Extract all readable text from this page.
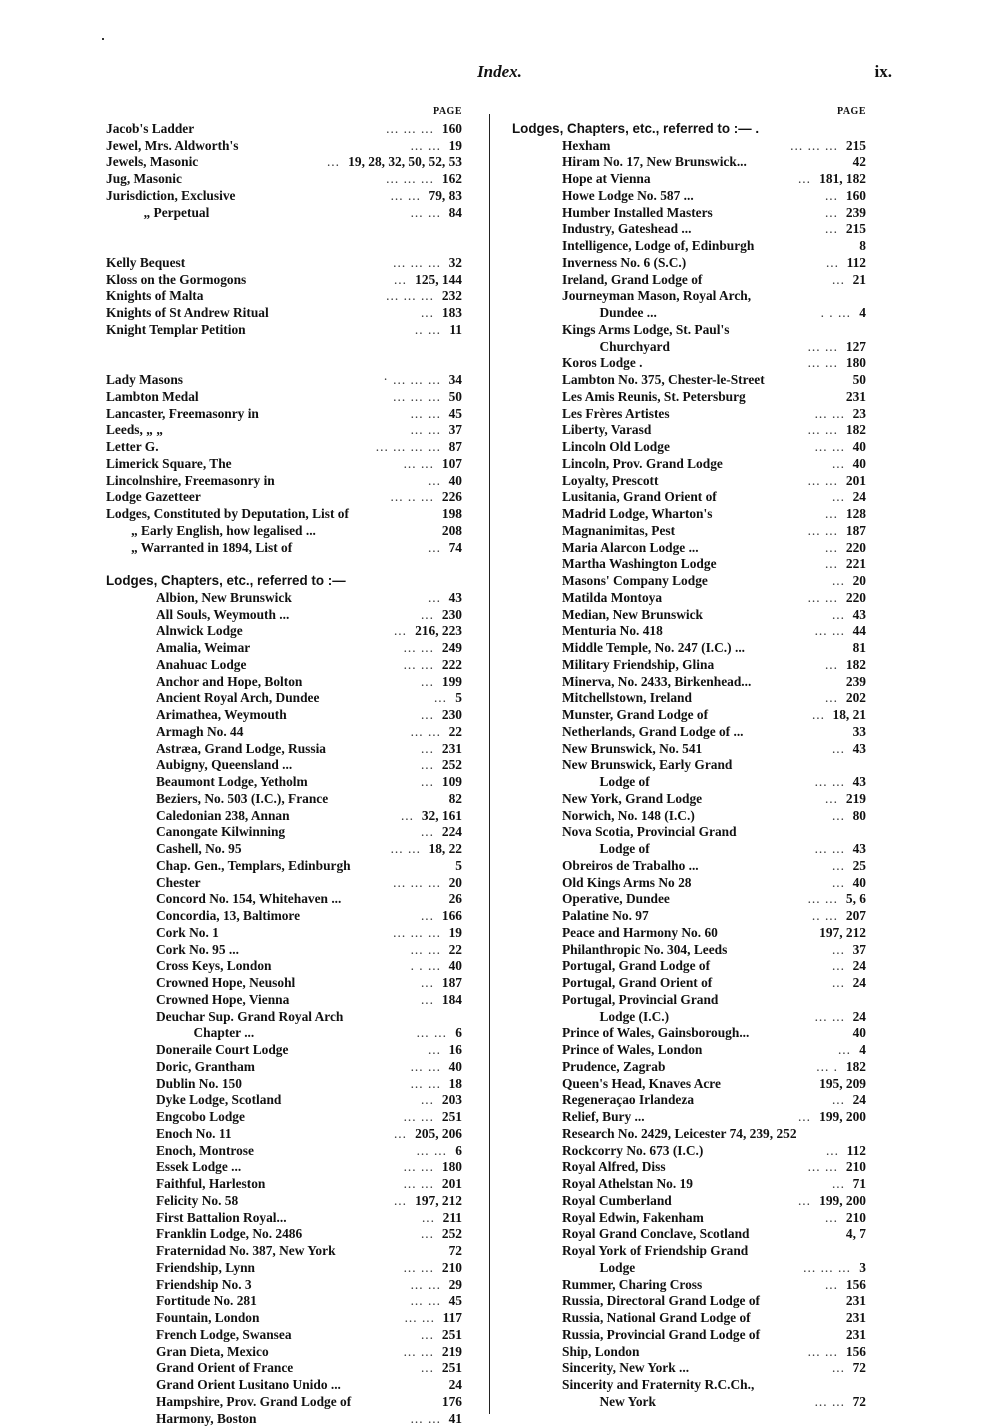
Index.	ix.
PAGE
Jacob's Ladder	... ... ... 160
Jewel, Mrs. Aldworth's	... ... 19
Jewels, Masonic	... 19, 28, 32, 50, 52, 53
Jug, Masonic	... ... ... 162
Jurisdiction, Exclusive	... ... 79, 83
„ Perpetual	... ... 84
Kelly Bequest	... ... ... 32
Kloss on the Gormogons	... 125, 144
Knights of Malta	... ... ... 232
Knights of St Andrew Ritual	... 183
Knight Templar Petition	.. ... 11
Lady Masons	· ... ... ... 34
Lambton Medal	... ... ... 50
Lancaster, Freemasonry in	... ... 45
Leeds, „ „	... ... 37
Letter G.	... ... ... ... 87
Limerick Square, The	... ... 107
Lincolnshire, Freemasonry in	... 40
Lodge Gazetteer	... .. ... 226
Lodges, Constituted by Deputation, List of	198
„ Early English, how legalised ...	208
„ Warranted in 1894, List of	... 74
Lodges, Chapters, etc., referred to :—
Albion, New Brunswick	... 43
All Souls, Weymouth ...	... 230
Alnwick Lodge	... 216, 223
Amalia, Weimar	... ... 249
Anahuac Lodge	... ... 222
Anchor and Hope, Bolton	... 199
Ancient Royal Arch, Dundee	... 5
Arimathea, Weymouth	... 230
Armagh No. 44	... ... 22
Astræa, Grand Lodge, Russia	... 231
Aubigny, Queensland ...	... 252
Beaumont Lodge, Yetholm	... 109
Beziers, No. 503 (I.C.), France	82
Caledonian 238, Annan	... 32, 161
Canongate Kilwinning	... 224
Cashell, No. 95	... ... 18, 22
Chap. Gen., Templars, Edinburgh	5
Chester	... ... ... 20
Concord No. 154, Whitehaven ...	26
Concordia, 13, Baltimore	... 166
Cork No. 1	... ... ... 19
Cork No. 95 ...	... ... 22
Cross Keys, London	. . ... 40
Crowned Hope, Neusohl	... 187
Crowned Hope, Vienna	... 184
Deuchar Sup. Grand Royal Arch
Chapter ...	... ... 6
Doneraile Court Lodge	... 16
Doric, Grantham	... ... 40
Dublin No. 150	... ... 18
Dyke Lodge, Scotland	... 203
Engcobo Lodge	... ... 251
Enoch No. 11	... 205, 206
Enoch, Montrose	... ... 6
Essek Lodge ...	... ... 180
Faithful, Harleston	... ... 201
Felicity No. 58	... 197, 212
First Battalion Royal...	... 211
Franklin Lodge, No. 2486	... 252
Fraternidad No. 387, New York	72
Friendship, Lynn	... ... 210
Friendship No. 3	... ... 29
Fortitude No. 281	... ... 45
Fountain, London	... ... 117
French Lodge, Swansea	... 251
Gran Dieta, Mexico	... ... 219
Grand Orient of France	... 251
Grand Orient Lusitano Unido ...	24
Hampshire, Prov. Grand Lodge of	176
Harmony, Boston	... ... 41
PAGE
Lodges, Chapters, etc., referred to :— .
Hexham	... ... ... 215
Hiram No. 17, New Brunswick...	42
Hope at Vienna	... 181, 182
Howe Lodge No. 587 ...	... 160
Humber Installed Masters	... 239
Industry, Gateshead ...	... 215
Intelligence, Lodge of, Edinburgh	8
Inverness No. 6 (S.C.)	... 112
Ireland, Grand Lodge of	... 21
Journeyman Mason, Royal Arch,
Dundee ...	. . ... 4
Kings Arms Lodge, St. Paul's
Churchyard	... ... 127
Koros Lodge .	... ... 180
Lambton No. 375, Chester-le-Street	50
Les Amis Reunis, St. Petersburg	231
Les Frères Artistes	... ... 23
Liberty, Varasd	... ... 182
Lincoln Old Lodge	... ... 40
Lincoln, Prov. Grand Lodge	... 40
Loyalty, Prescott	... ... 201
Lusitania, Grand Orient of	... 24
Madrid Lodge, Wharton's	... 128
Magnanimitas, Pest	... ... 187
Maria Alarcon Lodge ...	... 220
Martha Washington Lodge	... 221
Masons' Company Lodge	... 20
Matilda Montoya	... ... 220
Median, New Brunswick	... 43
Menturia No. 418	... ... 44
Middle Temple, No. 247 (I.C.) ...	81
Military Friendship, Glina	... 182
Minerva, No. 2433, Birkenhead...	239
Mitchellstown, Ireland	... 202
Munster, Grand Lodge of	... 18, 21
Netherlands, Grand Lodge of ...	33
New Brunswick, No. 541	... 43
New Brunswick, Early Grand
Lodge of	... ... 43
New York, Grand Lodge	... 219
Norwich, No. 148 (I.C.)	... 80
Nova Scotia, Provincial Grand
Lodge of	... ... 43
Obreiros de Trabalho ...	... 25
Old Kings Arms No 28	... 40
Operative, Dundee	... ... 5, 6
Palatine No. 97	.. ... 207
Peace and Harmony No. 60	197, 212
Philanthropic No. 304, Leeds	... 37
Portugal, Grand Lodge of	... 24
Portugal, Grand Orient of	... 24
Portugal, Provincial Grand
Lodge (I.C.)	... ... 24
Prince of Wales, Gainsborough...	40
Prince of Wales, London	... 4
Prudence, Zagrab	... . 182
Queen's Head, Knaves Acre	195, 209
Regeneraçao Irlandeza	... 24
Relief, Bury ...	... 199, 200
Research No. 2429, Leicester 74, 239, 252
Rockcorry No. 673 (I.C.)	... 112
Royal Alfred, Diss	... ... 210
Royal Athelstan No. 19	... 71
Royal Cumberland	... 199, 200
Royal Edwin, Fakenham	... 210
Royal Grand Conclave, Scotland	4, 7
Royal York of Friendship Grand
Lodge	... ... ... 3
Rummer, Charing Cross	... 156
Russia, Directoral Grand Lodge of	231
Russia, National Grand Lodge of	231
Russia, Provincial Grand Lodge of	231
Ship, London	... ... 156
Sincerity, New York ...	... 72
Sincerity and Fraternity R.C.Ch.,
New York	... ... 72
